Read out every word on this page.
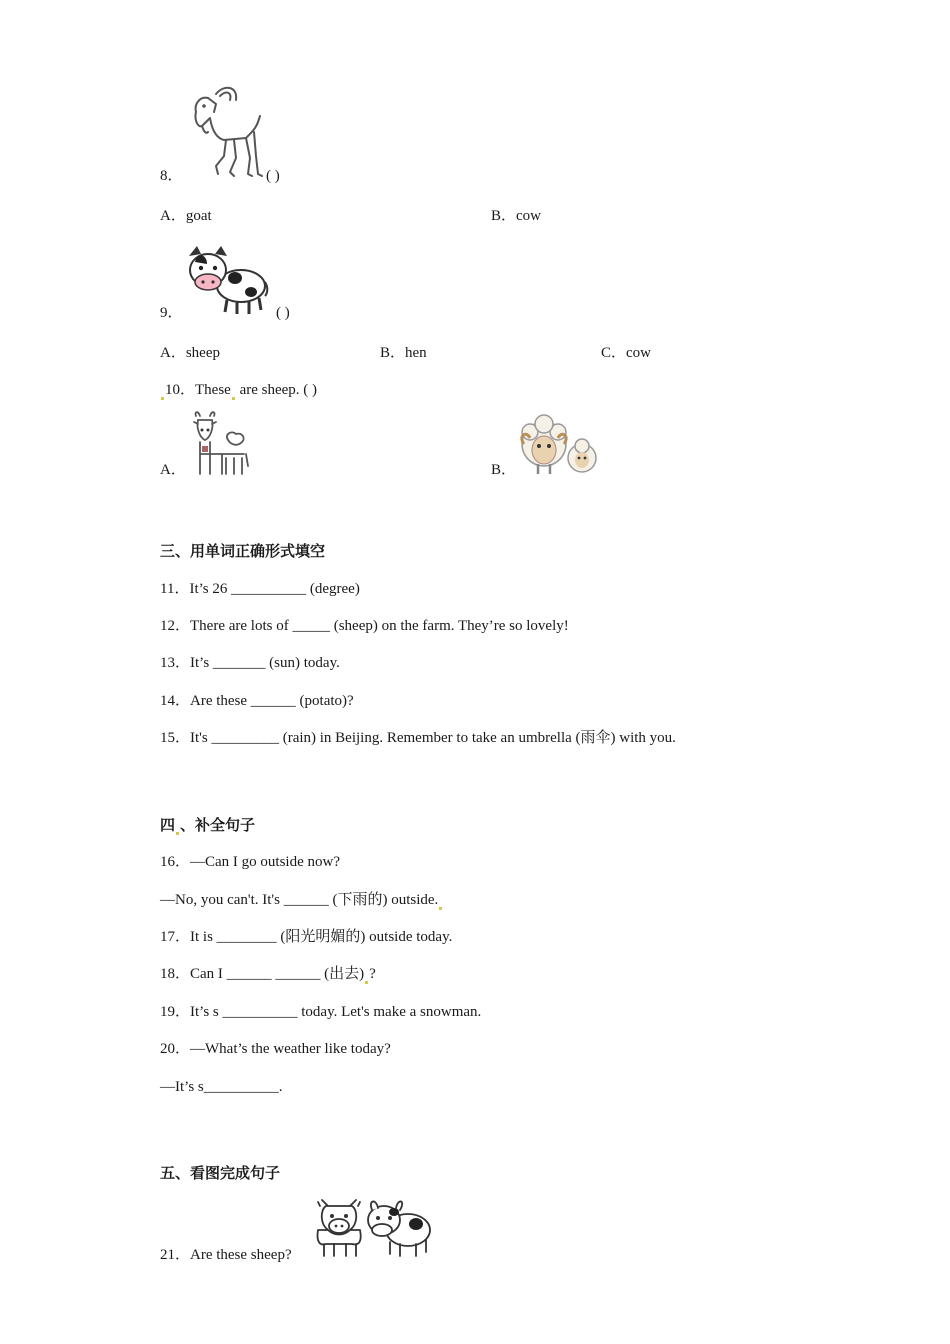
8．	( )
A．goat	B．cow
9．	( )
A．sheep	B．hen	C．cow
10．These are sheep. ( )
A．	B．
三、用单词正确形式填空
11．It’s 26 __________ (degree)
12．There are lots of _____ (sheep) on the farm. They’re so lovely!
13．It’s _______ (sun) today.
14．Are these ______ (potato)?
15．It's _________ (rain) in Beijing. Remember to take an umbrella (雨伞) with you.
四 、补全句子
16．—Can I go outside now?
—No, you can't. It's ______ (下雨的) outside.
17．It is ________ (阳光明媚的) outside today.
18．Can I ______ ______ (出去) ?
19．It’s s __________ today. Let's make a snowman.
20．—What’s the weather like today?
—It’s s__________.
五、看图完成句子
21．Are these sheep?
